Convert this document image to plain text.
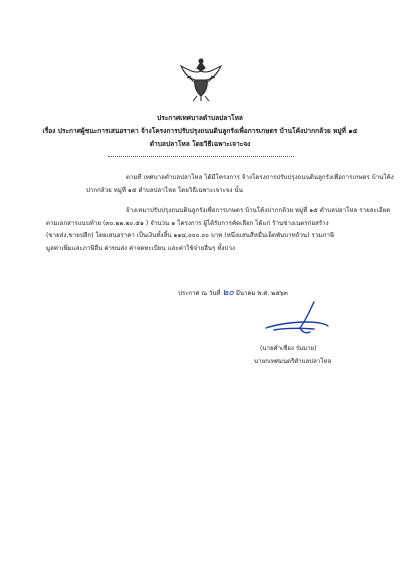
ประกาศเทศบาลตำบลปลาโหล
เรื่อง ประกาศผู้ชนะการเสนอราคา จ้างโครงการปรับปรุงถนนดินลูกรังเพื่อการเกษตร บ้านโค้งปากกล้วย หมู่ที่ ๑๕
ตำบลปลาโหล โดยวิธีเฉพาะเจาะจง
ตามที่ เทศบาลตำบลปลาโหล ได้มีโครงการ จ้างโครงการปรับปรุงถนนดินลูกรังเพื่อการเกษตร บ้านโค้ง
ปากกล้วย หมู่ที่ ๑๕ ตำบลปลาโหล โดยวิธีเฉพาะเจาะจง นั้น
จ้างเหมาปรับปรุงถนนดินลูกรังเพื่อการเกษตร บ้านโค้งปากกล้วย หมู่ที่ ๑๕ ตำบลปลาโหล รายละเอียด
ตามเอกสารแนบท้าย (๓๐.๒๒.๒๐.๕๑ ) จำนวน ๑ โครงการ ผู้ได้รับการคัดเลือก ได้แก่ ร้านช่างเนตรก่อสร้าง
(ขายส่ง,ขายปลีก) โดยเสนอราคา เป็นเงินทั้งสิ้น ๑๑๔,๐๐๐.๐๐ บาท (หนึ่งแสนสี่หมื่นเอ็ดพันบาทถ้วน) รวมภาษี
มูลค่าเพิ่มและภาษีอื่น ค่าขนส่ง ค่าจดทะเบียน และค่าใช้จ่ายอื่นๆ ทั้งปวง
ประกาศ ณ วันที่ ๒๐ มีนาคม พ.ศ. ๒๕๖๓
(นายคำเชื่อง ร่มมาย)
นายกเทศมนตรีตำบลปลาโหล
